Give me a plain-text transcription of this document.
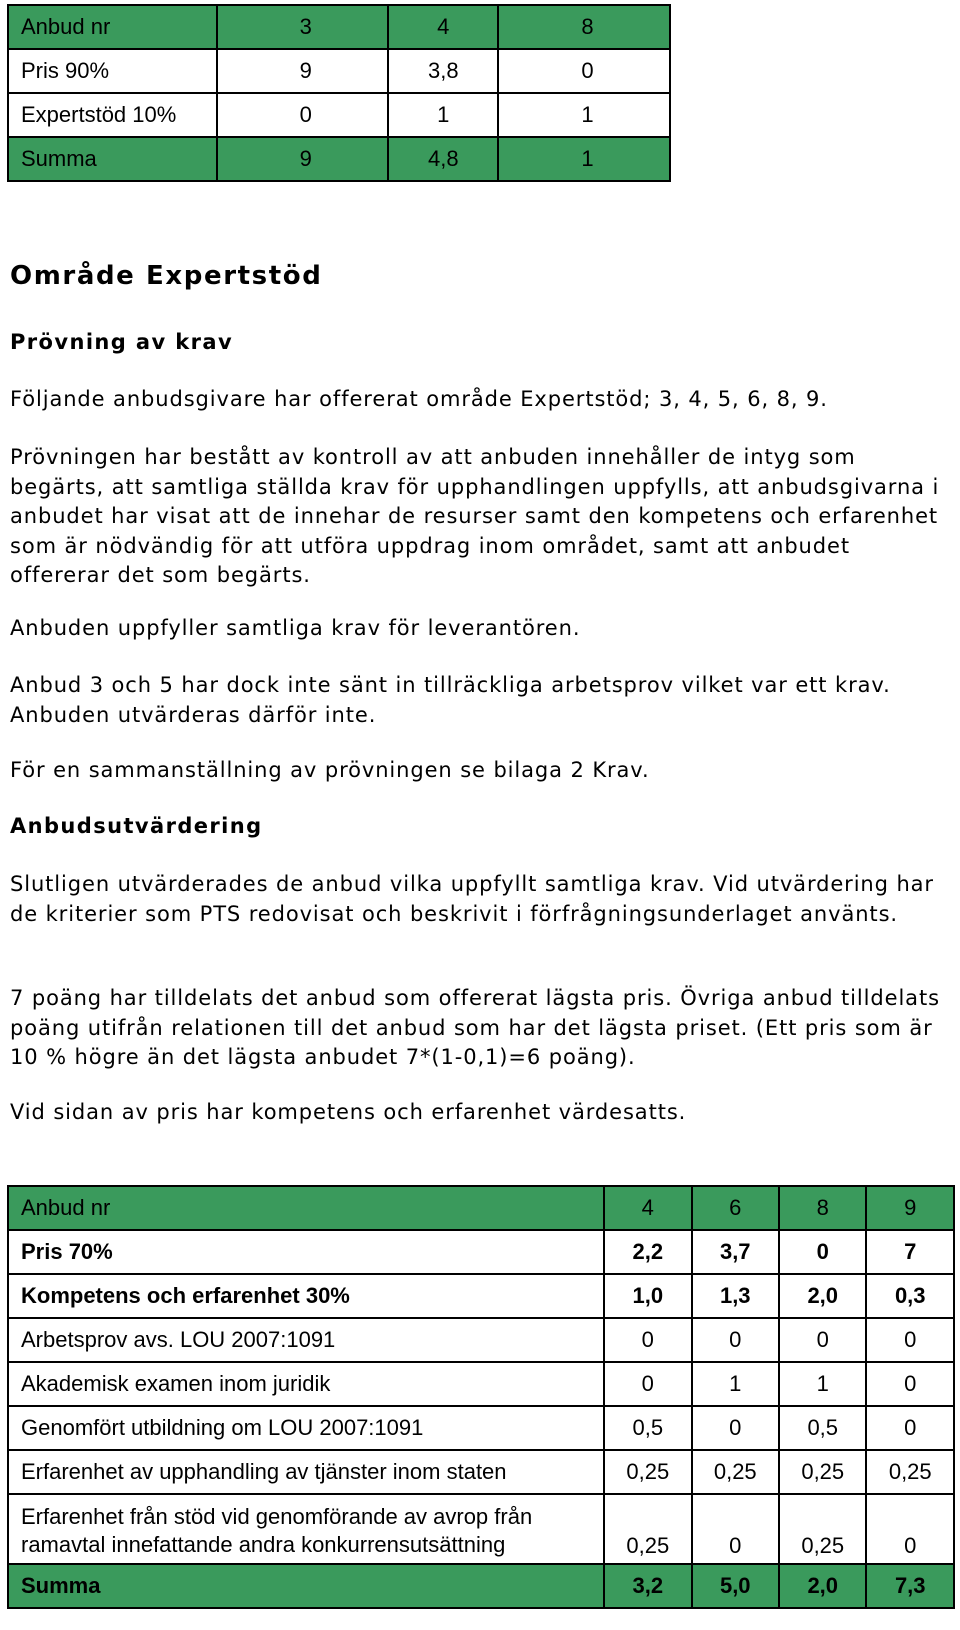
Anbud nr	3	4	8
Pris 90%	9	3,8	0
Expertstöd 10%	0	1	1
Summa	9	4,8	1
Område Expertstöd
Prövning av krav

Följande anbudsgivare har offererat område Expertstöd; 3, 4, 5, 6, 8, 9.

Prövningen har bestått av kontroll av att anbuden innehåller de intyg som begärts, att samtliga ställda krav för upphandlingen uppfylls, att anbudsgivarna i anbudet har visat att de innehar de resurser samt den kompetens och erfarenhet som är nödvändig för att utföra uppdrag inom området, samt att anbudet offererar det som begärts.

Anbuden uppfyller samtliga krav för leverantören.

Anbud 3 och 5 har dock inte sänt in tillräckliga arbetsprov vilket var ett krav. Anbuden utvärderas därför inte.

För en sammanställning av prövningen se bilaga 2 Krav.

Anbudsutvärdering

Slutligen utvärderades de anbud vilka uppfyllt samtliga krav. Vid utvärdering har de kriterier som PTS redovisat och beskrivit i förfrågningsunderlaget använts.

7 poäng har tilldelats det anbud som offererat lägsta pris. Övriga anbud tilldelats poäng utifrån relationen till det anbud som har det lägsta priset. (Ett pris som är 10 % högre än det lägsta anbudet 7*(1-0,1)=6 poäng).

Vid sidan av pris har kompetens och erfarenhet värdesatts.

Anbud nr	4	6	8	9
Pris 70%	2,2	3,7	0	7
Kompetens och erfarenhet 30%	1,0	1,3	2,0	0,3
Arbetsprov avs. LOU 2007:1091	0	0	0	0
Akademisk examen inom juridik	0	1	1	0
Genomfört utbildning om LOU 2007:1091	0,5	0	0,5	0
Erfarenhet av upphandling av tjänster inom staten	0,25	0,25	0,25	0,25
Erfarenhet från stöd vid genomförande av avrop från ramavtal innefattande andra konkurrensutsättning	0,25	0	0,25	0
Summa	3,2	5,0	2,0	7,3
